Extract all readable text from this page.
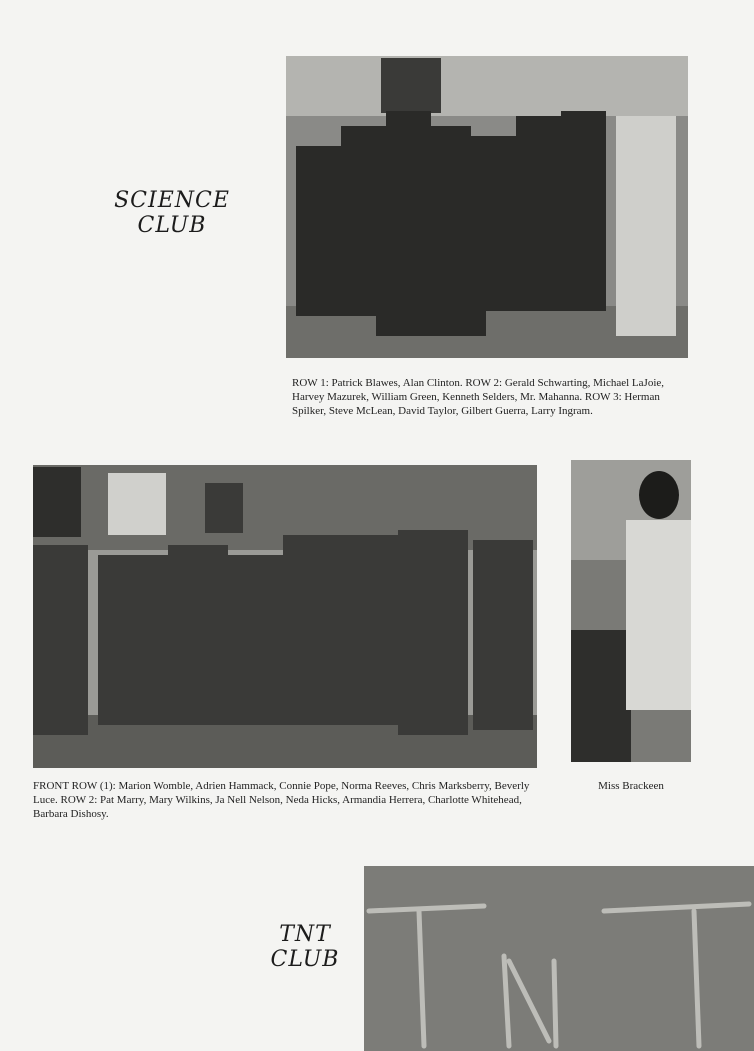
SCIENCE
CLUB

ROW 1: Patrick Blawes, Alan Clinton. ROW 2: Gerald Schwarting, Michael LaJoie, Harvey Mazurek, William Green, Kenneth Selders, Mr. Mahanna. ROW 3: Herman Spilker, Steve McLean, David Taylor, Gilbert Guerra, Larry Ingram.

FRONT ROW (1): Marion Womble, Adrien Hammack, Connie Pope, Norma Reeves, Chris Marksberry, Beverly Luce. ROW 2: Pat Marry, Mary Wilkins, Ja Nell Nelson, Neda Hicks, Armandia Herrera, Charlotte Whitehead, Barbara Dishosy.

Miss Brackeen

TNT
CLUB
